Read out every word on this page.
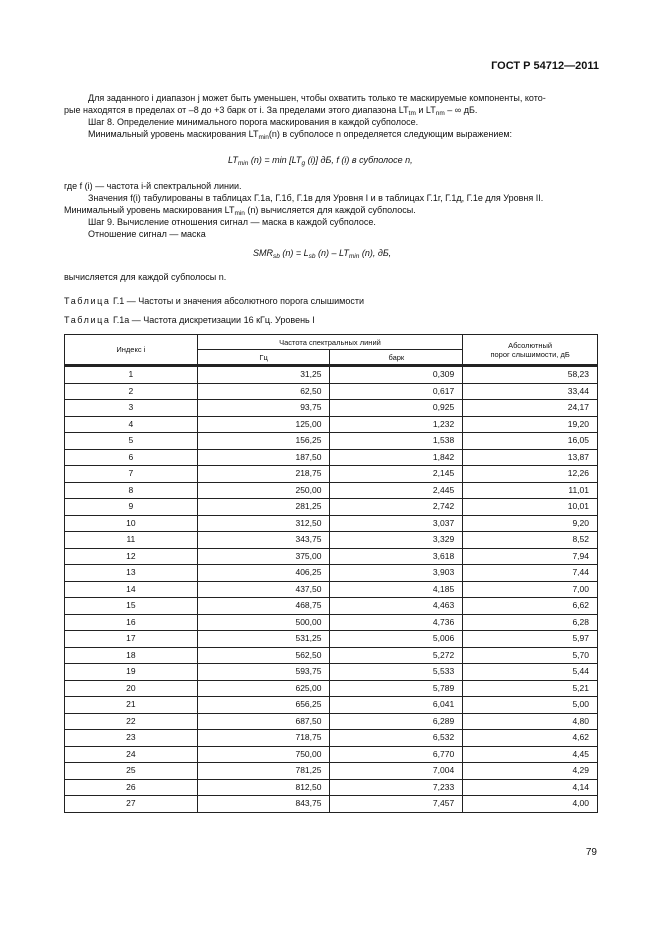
ГОСТ Р 54712—2011
Для заданного i диапазон j может быть уменьшен, чтобы охватить только те маскируемые компоненты, кото-
рые находятся в пределах от –8 до +3 барк от i. За пределами этого диапазона $LT_{tm}$ и $LT_{nm}$ – ∞ дБ.
Шаг 8. Определение минимального порога маскирования в каждой субполосе.
Минимальный уровень маскирования $LT_{min}(n)$ в субполосе n определяется следующим выражением:
$LT_{min}$ $(n) = \min [LT_g$ (i)] дБ, f (i) в субполосе n,
где f (i) — частота i-й спектральной линии.
Значения f(i) табулированы в таблицах Г.1а, Г.1б, Г.1в для Уровня I и в таблицах Г.1г, Г.1д, Г.1е для Уровня II.
Минимальный уровень маскирования $LT_{min}$ (n) вычисляется для каждой субполосы.
Шаг 9. Вычисление отношения сигнал — маска в каждой субполосе.
Отношение сигнал — маска
$SMR_{sb}$ $(n) = L_{sb}$ $(n) - LT_{min}$ (n), дБ,
вычисляется для каждой субполосы n.
Таблица Г.1 — Частоты и значения абсолютного порога слышимости
Таблица Г.1а — Частота дискретизации 16 кГц. Уровень I
Индекс i	Частота спектральных линий		Абсолютный
порог слышимости, дБ
	Гц	барк	

1	31,25	0,309	58,23
2	62,50	0,617	33,44
3	93,75	0,925	24,17
4	125,00	1,232	19,20
5	156,25	1,538	16,05
6	187,50	1,842	13,87
7	218,75	2,145	12,26
8	250,00	2,445	11,01
9	281,25	2,742	10,01
10	312,50	3,037	9,20
11	343,75	3,329	8,52
12	375,00	3,618	7,94
13	406,25	3,903	7,44
14	437,50	4,185	7,00
15	468,75	4,463	6,62
16	500,00	4,736	6,28
17	531,25	5,006	5,97
18	562,50	5,272	5,70
19	593,75	5,533	5,44
20	625,00	5,789	5,21
21	656,25	6,041	5,00
22	687,50	6,289	4,80
23	718,75	6,532	4,62
24	750,00	6,770	4,45
25	781,25	7,004	4,29
26	812,50	7,233	4,14
27	843,75	7,457	4,00
79
